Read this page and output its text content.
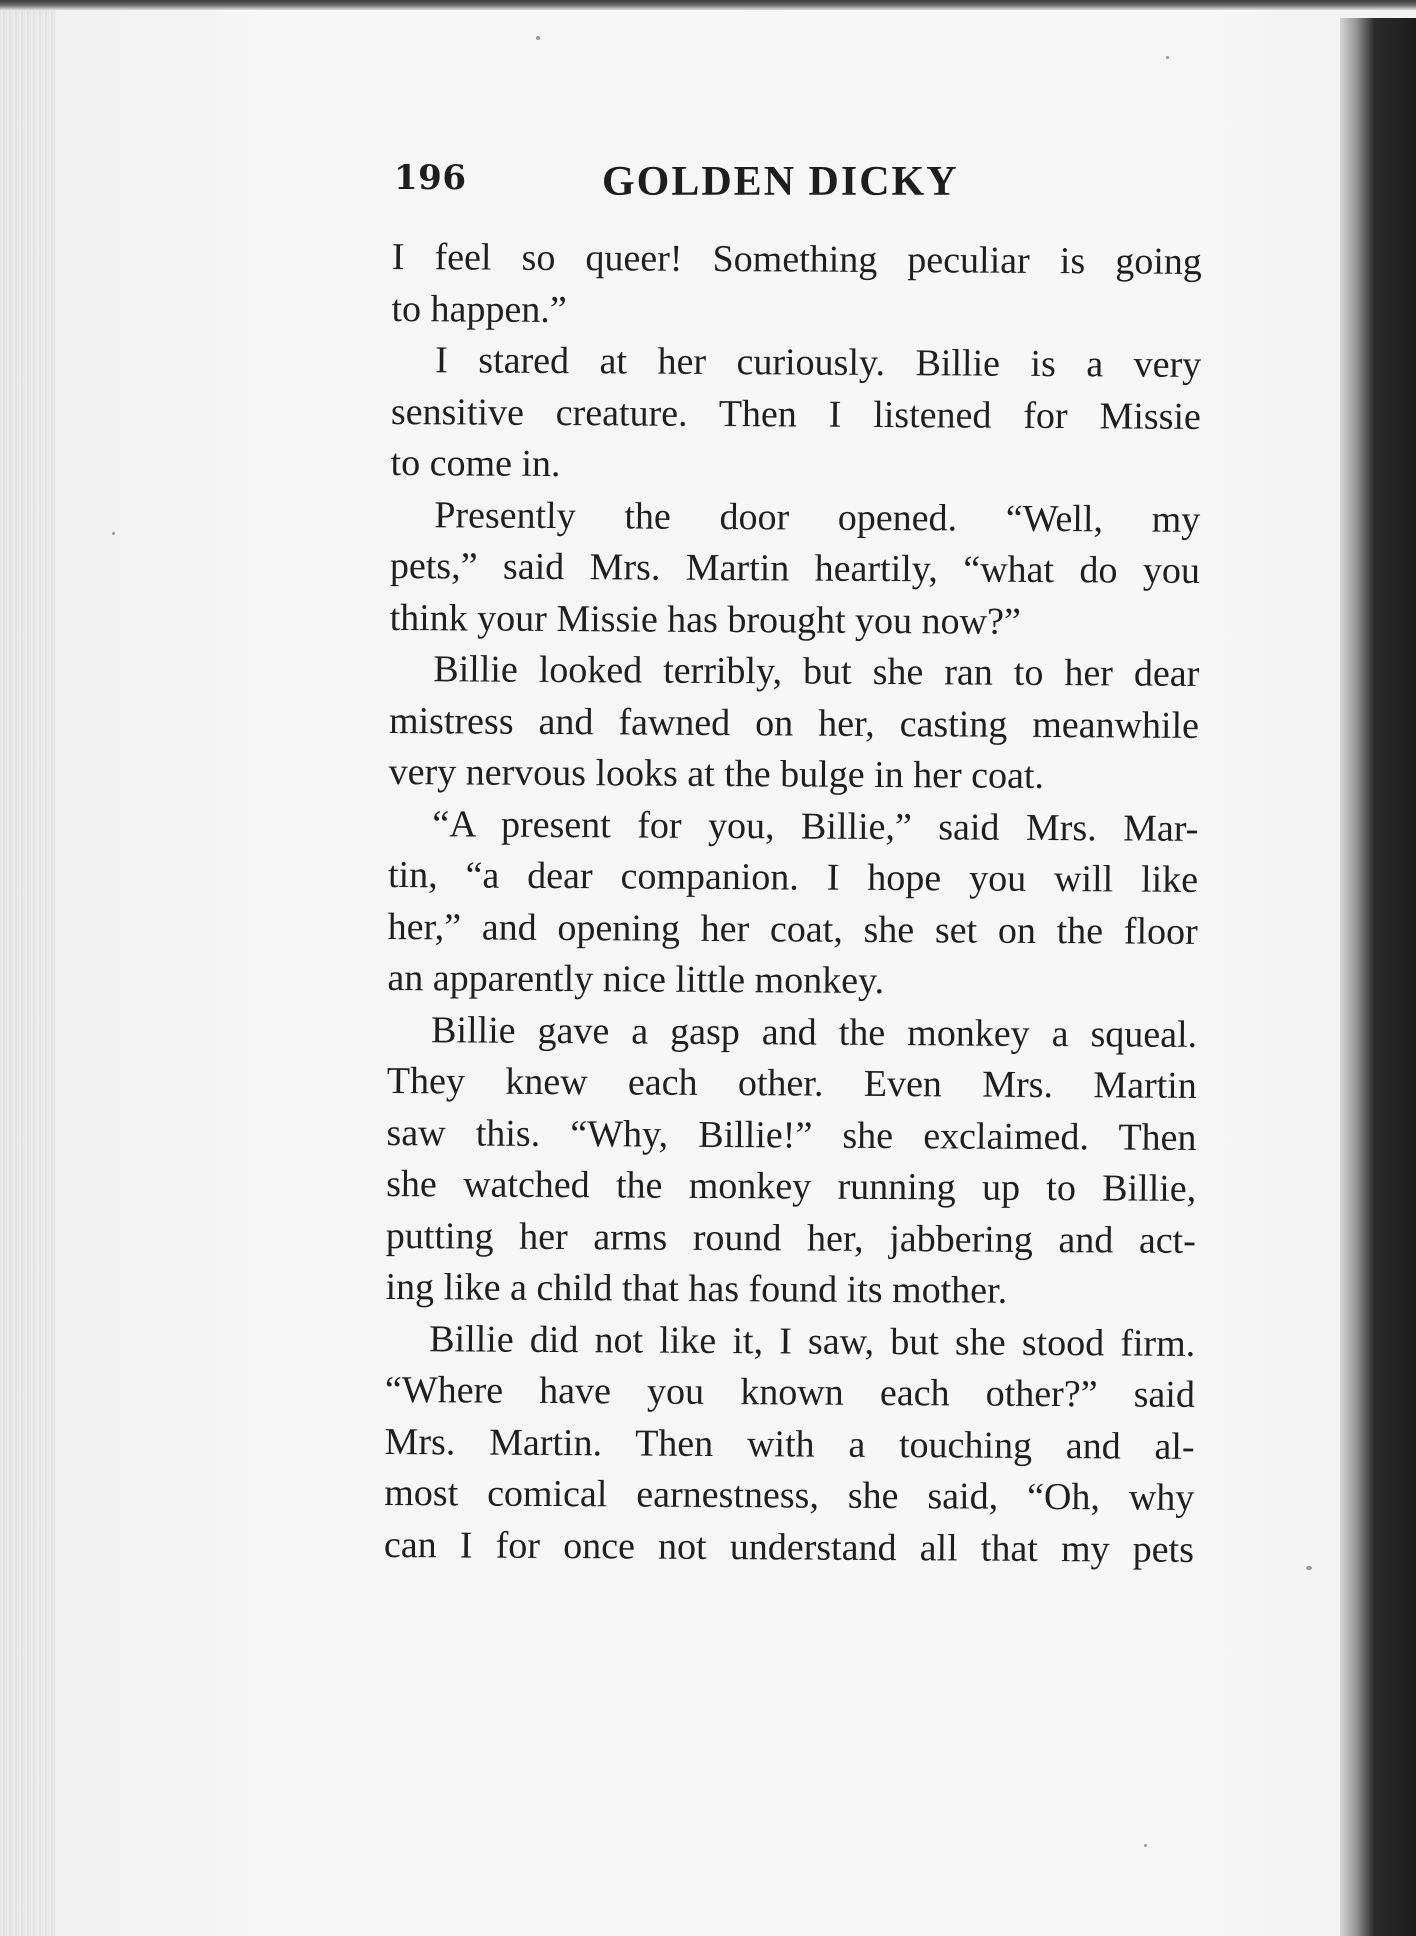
196	GOLDEN DICKY
I feel so queer! Something peculiar is going
to happen.”
I stared at her curiously. Billie is a very
sensitive creature. Then I listened for Missie
to come in.
Presently the door opened. “Well, my
pets,” said Mrs. Martin heartily, “what do you
think your Missie has brought you now?”
Billie looked terribly, but she ran to her dear
mistress and fawned on her, casting meanwhile
very nervous looks at the bulge in her coat.
“A present for you, Billie,” said Mrs. Mar-
tin, “a dear companion. I hope you will like
her,” and opening her coat, she set on the floor
an apparently nice little monkey.
Billie gave a gasp and the monkey a squeal.
They knew each other. Even Mrs. Martin
saw this. “Why, Billie!” she exclaimed. Then
she watched the monkey running up to Billie,
putting her arms round her, jabbering and act-
ing like a child that has found its mother.
Billie did not like it, I saw, but she stood firm.
“Where have you known each other?” said
Mrs. Martin. Then with a touching and al-
most comical earnestness, she said, “Oh, why
can I for once not understand all that my pets
